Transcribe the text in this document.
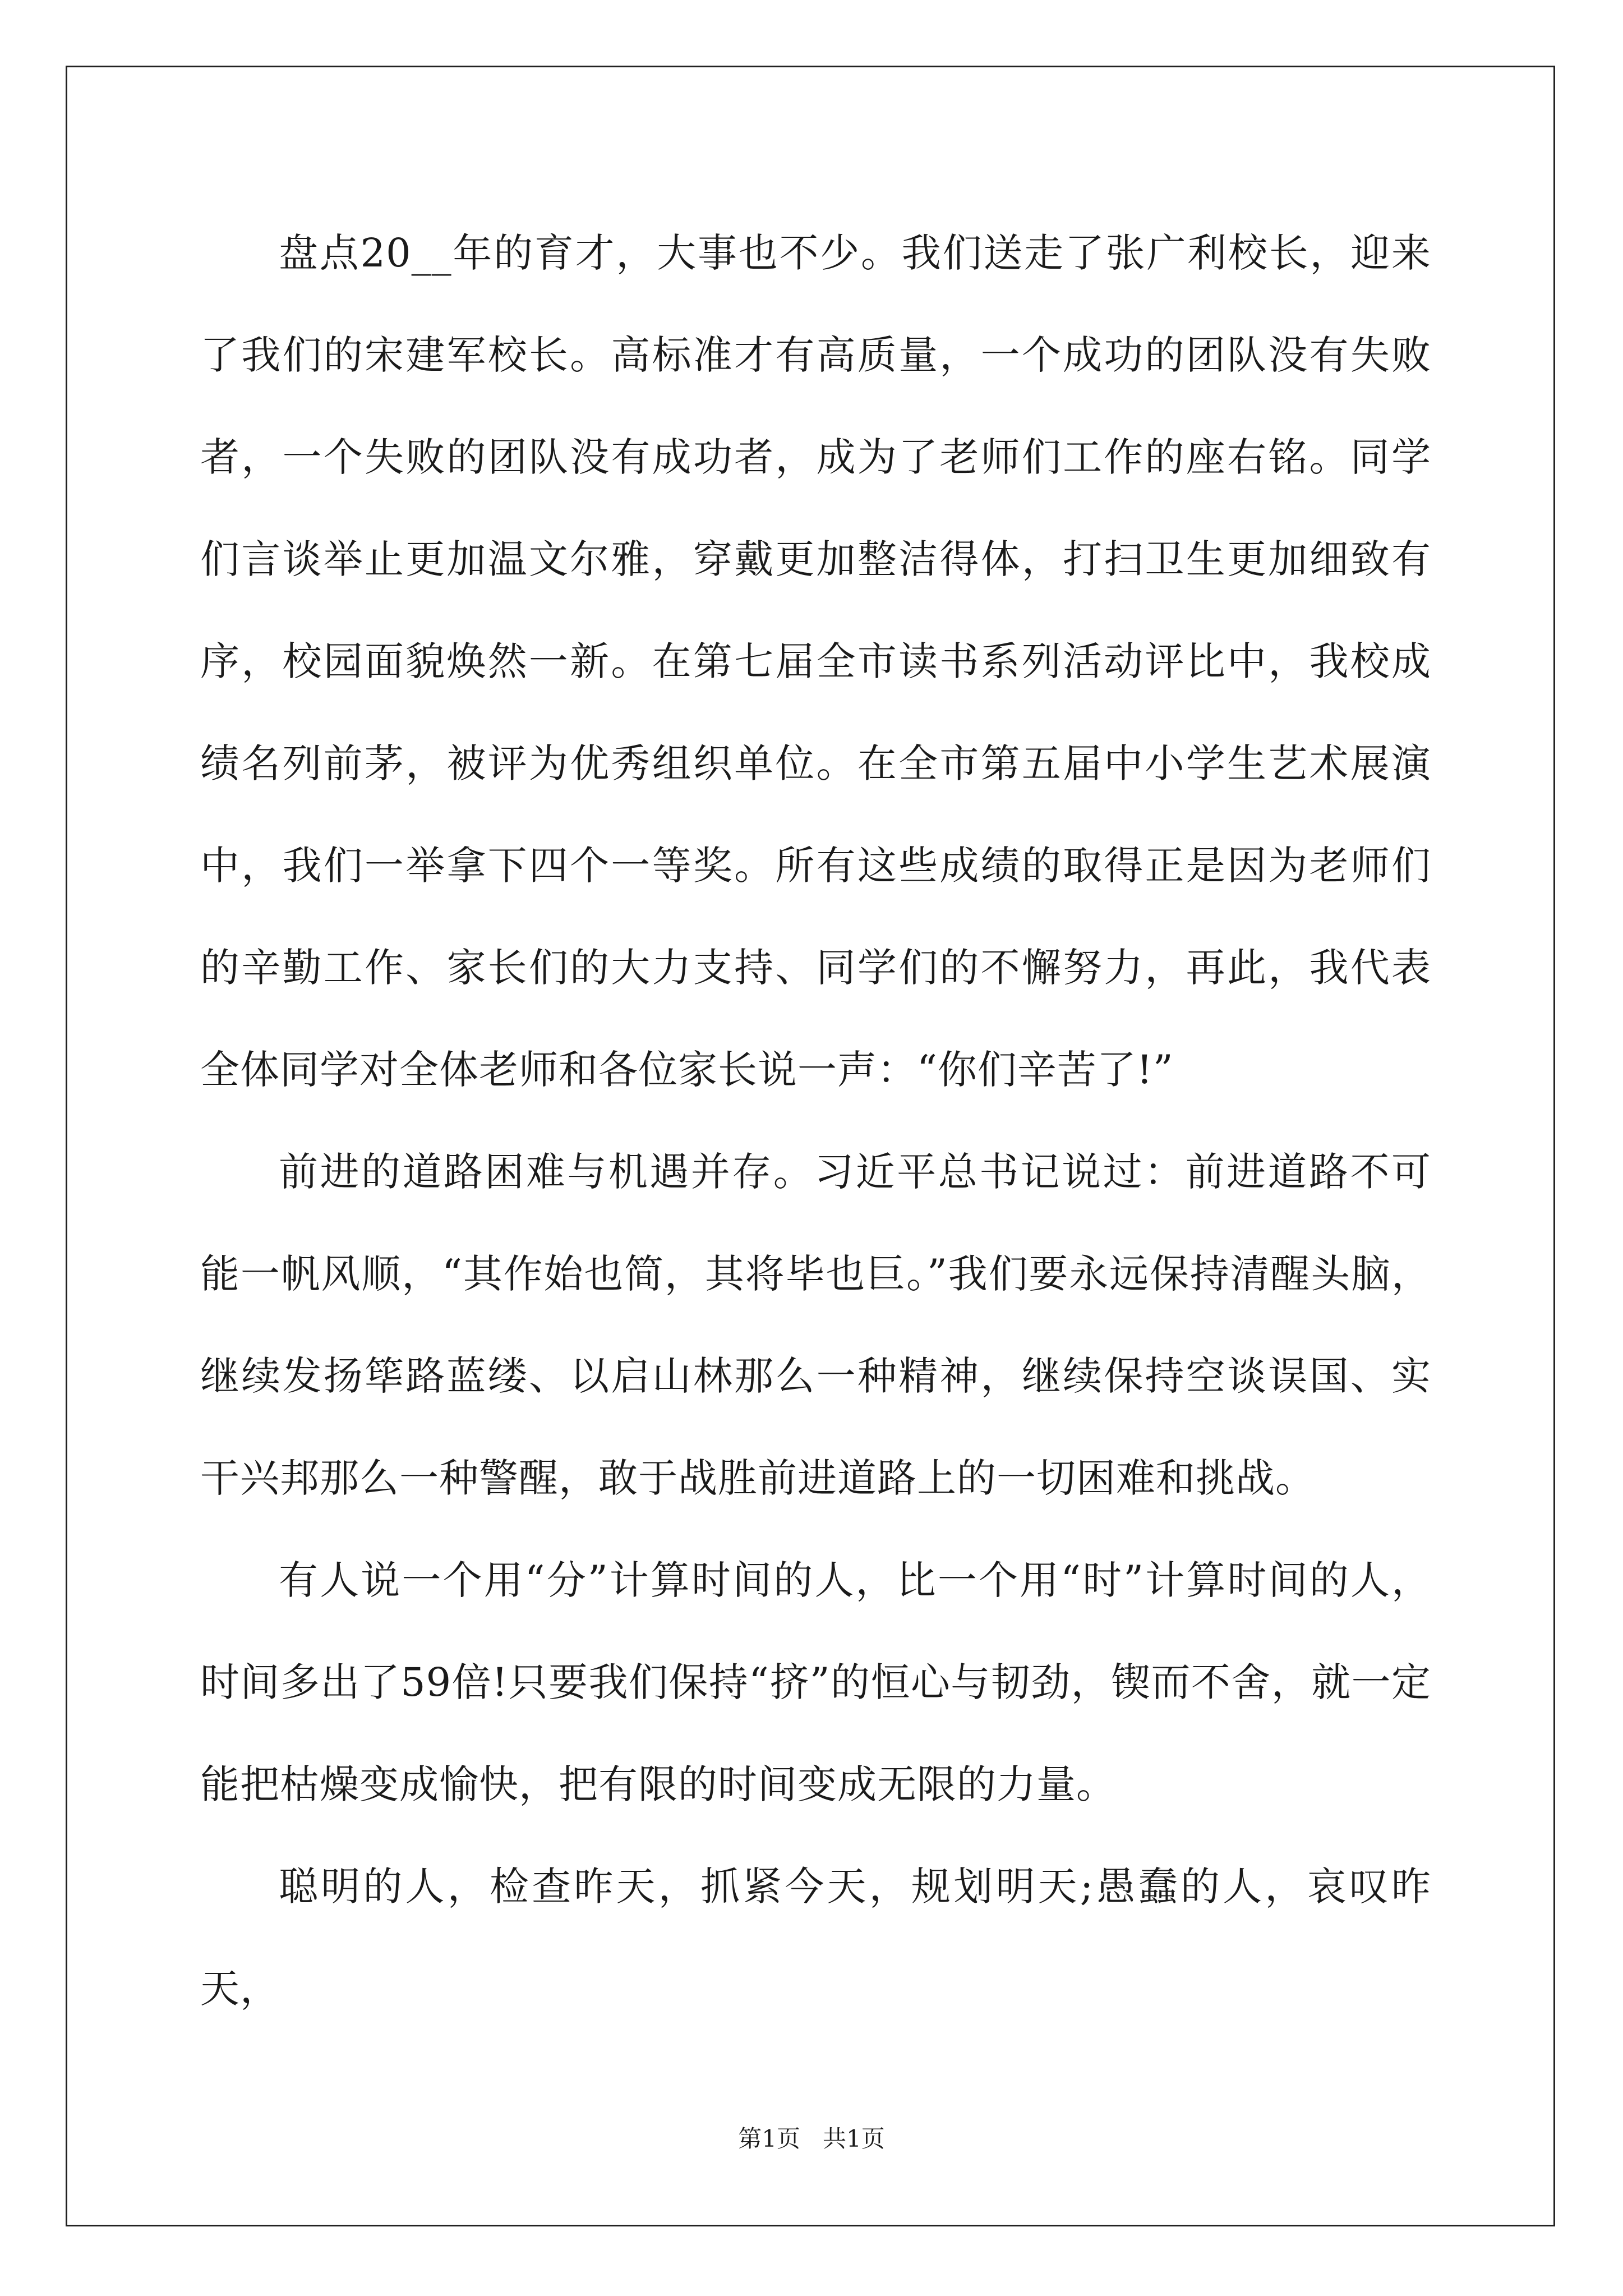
盘点20__年的育才，大事也不少。我们送走了张广利校长，迎来了我们的宋建军校长。高标准才有高质量，一个成功的团队没有失败者，一个失败的团队没有成功者，成为了老师们工作的座右铭。同学们言谈举止更加温文尔雅，穿戴更加整洁得体，打扫卫生更加细致有序，校园面貌焕然一新。在第七届全市读书系列活动评比中，我校成绩名列前茅，被评为优秀组织单位。在全市第五届中小学生艺术展演中，我们一举拿下四个一等奖。所有这些成绩的取得正是因为老师们的辛勤工作、家长们的大力支持、同学们的不懈努力，再此，我代表全体同学对全体老师和各位家长说一声：“你们辛苦了!”

前进的道路困难与机遇并存。习近平总书记说过：前进道路不可能一帆风顺，“其作始也简，其将毕也巨。”我们要永远保持清醒头脑，继续发扬筚路蓝缕、以启山林那么一种精神，继续保持空谈误国、实干兴邦那么一种警醒，敢于战胜前进道路上的一切困难和挑战。

有人说一个用“分”计算时间的人，比一个用“时”计算时间的人，时间多出了59倍!只要我们保持“挤”的恒心与韧劲，锲而不舍，就一定能把枯燥变成愉快，把有限的时间变成无限的力量。

聪明的人，检查昨天，抓紧今天，规划明天;愚蠢的人，哀叹昨天，

第1页   共1页
